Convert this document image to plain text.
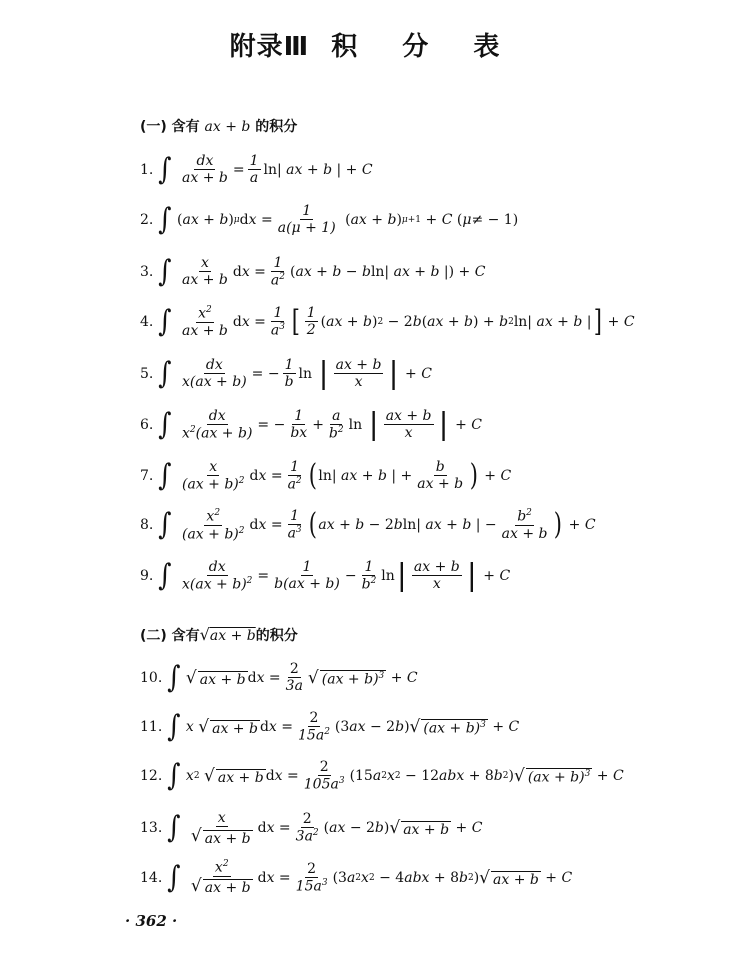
附录Ⅲ 积 分 表
(一) 含有 ax + b 的积分
1. ∫ dx
ax + b
=
1
a
ln| ax + b | + C
2. ∫ ( ax + b ) μ d x =
1
a(μ + 1)
( ax + b ) μ+1 + C ( μ ≠ − 1)
3. ∫ x
ax + b
d x =
1
$a^2$ ( ax + b − b ln| ax + b |) + C
4. ∫ $x^2$
ax + b
d x =
1
$a^3$ [ 1
2
( ax + b ) 2 − 2 b ( ax + b ) + b 2 ln| ax + b | ] + C
5. ∫ dx
x(ax + b)
= −
1
b
ln | ax + b
x | + C
6. ∫	dx
$x^2(ax + b)$
= −
1
bx
+
a
$b^2$ ln | ax + b
x | + C
7. ∫	x
(ax + b)$^2$ d x =
1
$a^2$ ( ln| ax + b | +
b
ax + b ) + C
8. ∫ $x^2$
(ax + b)$^2$ d x =
1
$a^3$ ( ax + b − 2 b ln| ax + b | −
$b^2$
ax + b ) + C
9. ∫	dx
x(ax + b)$^2$ =
1
b(ax + b)
−
1
$b^2$ ln | ax + b
x | + C
(二) 含有√ax + b的积分
10. ∫ √ ax + b d x =
2
3a √ (ax + b)$^3$ + C
11. ∫ x
√ ax + b d x =
2
$15a^2$ (3 ax − 2 b ) √ (ax + b)$^3$ + C
12. ∫ x 2
√ ax + b d x =
2
$105a^3$ (15 a 2 x 2 − 12 abx + 8 b 2 ) √ (ax + b)$^3$ + C
13. ∫	x
√ ax + b
d x =
2
$3a^2$ ( ax − 2 b ) √ ax + b + C
14. ∫ $x^2$
√ ax + b
d x =
2
$15a^3$ (3 a 2 x 2 − 4 abx + 8 b 2 ) √ ax + b + C
· 362 ·
